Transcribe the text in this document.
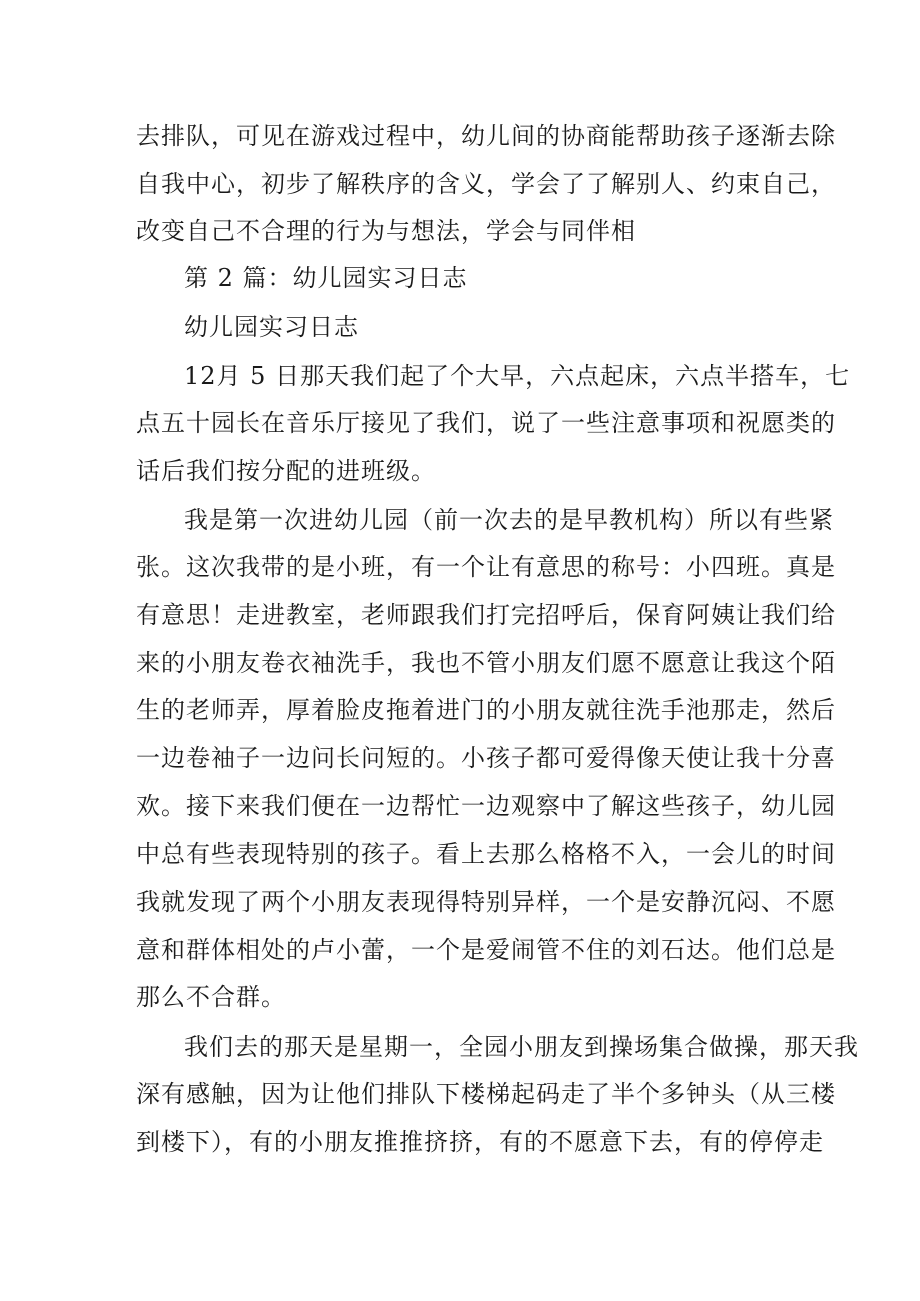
去排队，可见在游戏过程中，幼儿间的协商能帮助孩子逐渐去除
自我中心，初步了解秩序的含义，学会了了解别人、约束自己，
改变自己不合理的行为与想法，学会与同伴相
第 2 篇：幼儿园实习日志
幼儿园实习日志
12月 5 日那天我们起了个大早，六点起床，六点半搭车，七
点五十园长在音乐厅接见了我们，说了一些注意事项和祝愿类的
话后我们按分配的进班级。
我是第一次进幼儿园（前一次去的是早教机构）所以有些紧
张。这次我带的是小班，有一个让有意思的称号：小四班。真是
有意思！走进教室，老师跟我们打完招呼后，保育阿姨让我们给
来的小朋友卷衣袖洗手，我也不管小朋友们愿不愿意让我这个陌
生的老师弄，厚着脸皮拖着进门的小朋友就往洗手池那走，然后
一边卷袖子一边问长问短的。小孩子都可爱得像天使让我十分喜
欢。接下来我们便在一边帮忙一边观察中了解这些孩子，幼儿园
中总有些表现特别的孩子。看上去那么格格不入，一会儿的时间
我就发现了两个小朋友表现得特别异样，一个是安静沉闷、不愿
意和群体相处的卢小蕾，一个是爱闹管不住的刘石达。他们总是
那么不合群。
我们去的那天是星期一，全园小朋友到操场集合做操，那天我
深有感触，因为让他们排队下楼梯起码走了半个多钟头（从三楼
到楼下），有的小朋友推推挤挤，有的不愿意下去，有的停停走
